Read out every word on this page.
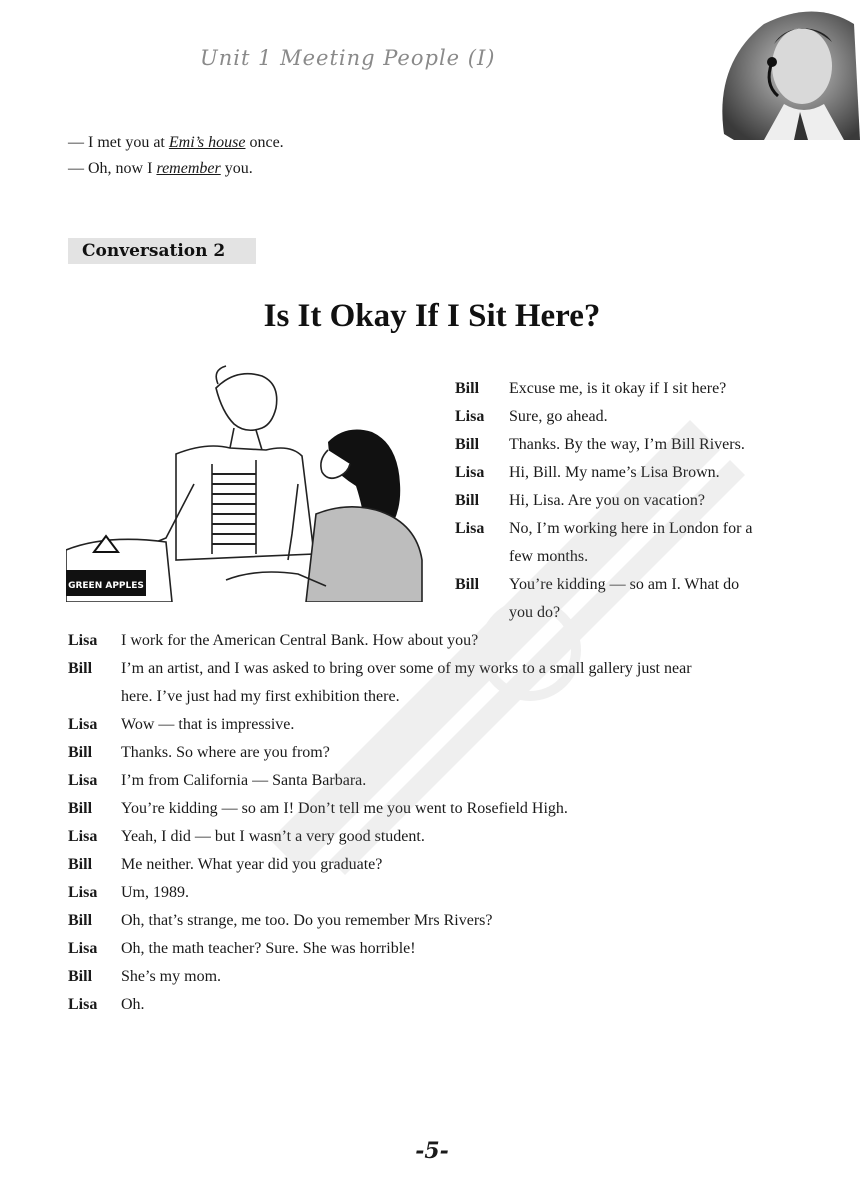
Unit 1 Meeting People (I)
— I met you at Emi’s house once.
— Oh, now I remember you.
Conversation 2
Is It Okay If I Sit Here?
GREEN APPLES
Bill Excuse me, is it okay if I sit here?
Lisa Sure, go ahead.
Bill Thanks. By the way, I’m Bill Rivers.
Lisa Hi, Bill. My name’s Lisa Brown.
Bill Hi, Lisa. Are you on vacation?
Lisa No, I’m working here in London for a
few months.
Bill You’re kidding — so am I. What do
you do?
Lisa I work for the American Central Bank. How about you?
Bill I’m an artist, and I was asked to bring over some of my works to a small gallery just near
here. I’ve just had my first exhibition there.
Lisa Wow — that is impressive.
Bill Thanks. So where are you from?
Lisa I’m from California — Santa Barbara.
Bill You’re kidding — so am I! Don’t tell me you went to Rosefield High.
Lisa Yeah, I did — but I wasn’t a very good student.
Bill Me neither. What year did you graduate?
Lisa Um, 1989.
Bill Oh, that’s strange, me too. Do you remember Mrs Rivers?
Lisa Oh, the math teacher? Sure. She was horrible!
Bill She’s my mom.
Lisa Oh.
-5-
